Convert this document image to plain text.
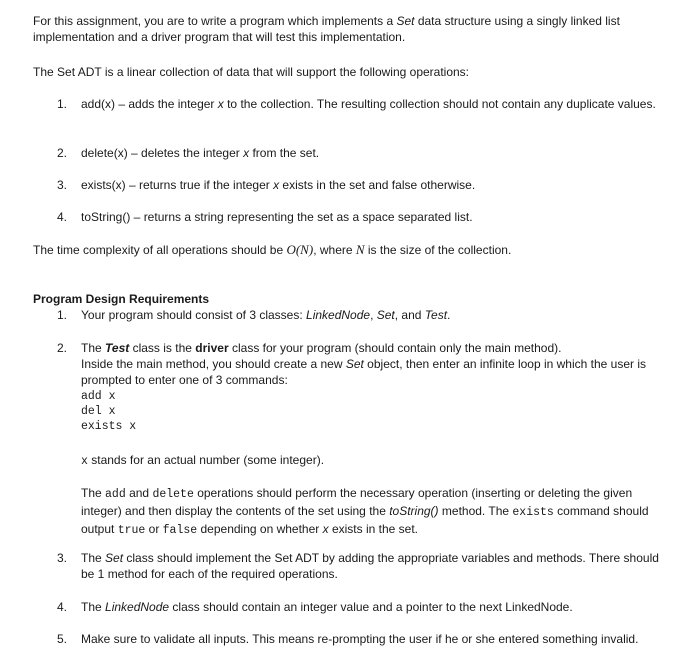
For this assignment, you are to write a program which implements a Set data structure using a singly linked list implementation and a driver program that will test this implementation.

The Set ADT is a linear collection of data that will support the following operations:

1.	add(x) – adds the integer x to the collection. The resulting collection should not contain any duplicate values.
2.	delete(x) – deletes the integer x from the set.
3.	exists(x) – returns true if the integer x exists in the set and false otherwise.
4.	toString() – returns a string representing the set as a space separated list.

The time complexity of all operations should be O(N), where N is the size of the collection.

Program Design Requirements

1.	Your program should consist of 3 classes: LinkedNode, Set, and Test.
2.	The Test class is the driver class for your program (should contain only the main method).
Inside the main method, you should create a new Set object, then enter an infinite loop in which the user is prompted to enter one of 3 commands:
add x
del x
exists x

x stands for an actual number (some integer).

The add and delete operations should perform the necessary operation (inserting or deleting the given integer) and then display the contents of the set using the toString() method. The exists command should output true or false depending on whether x exists in the set.

3.	The Set class should implement the Set ADT by adding the appropriate variables and methods. There should be 1 method for each of the required operations.
4.	The LinkedNode class should contain an integer value and a pointer to the next LinkedNode.
5.	Make sure to validate all inputs. This means re-prompting the user if he or she entered something invalid.
